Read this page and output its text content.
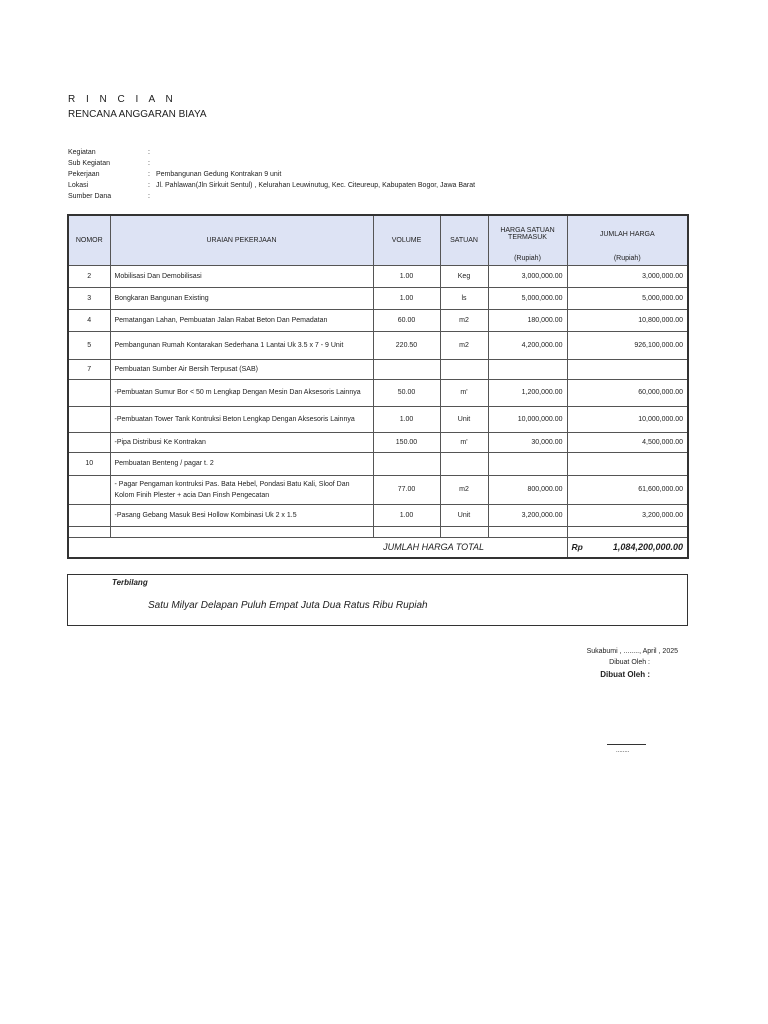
R I N C I A N
RENCANA ANGGARAN BIAYA
Kegiatan	:
Sub Kegiatan	:
Pekerjaan	: Pembangunan Gedung Kontrakan 9 unit
Lokasi	: Jl. Pahlawan(Jln Sirkuit Sentul) , Kelurahan Leuwinutug, Kec. Citeureup, Kabupaten Bogor, Jawa Barat
Sumber Dana	:
NOMOR	URAIAN PEKERJAAN	VOLUME	SATUAN	HARGA SATUAN TERMASUK	JUMLAH HARGA
				(Rupiah)	(Rupiah)
2	Mobilisasi Dan Demobilisasi	1.00	Keg	3,000,000.00	3,000,000.00
3	Bongkaran Bangunan Existing	1.00	ls	5,000,000.00	5,000,000.00
4	Pematangan Lahan, Pembuatan Jalan Rabat Beton Dan Pemadatan	60.00	m2	180,000.00	10,800,000.00
5	Pembangunan Rumah Kontarakan Sederhana 1 Lantai Uk 3.5 x 7 - 9 Unit	220.50	m2	4,200,000.00	926,100,000.00
7	Pembuatan Sumber Air Bersih Terpusat (SAB)				
	-Pembuatan Sumur Bor < 50 m Lengkap Dengan Mesin Dan Aksesoris Lainnya	50.00	m'	1,200,000.00	60,000,000.00
	-Pembuatan Tower Tank Kontruksi Beton Lengkap Dengan Aksesoris Lainnya	1.00	Unit	10,000,000.00	10,000,000.00
	-Pipa Distribusi Ke Kontrakan	150.00	m'	30,000.00	4,500,000.00
10	Pembuatan Benteng / pagar t. 2				
	- Pagar Pengaman kontruksi Pas. Bata Hebel, Pondasi Batu Kali, Sloof Dan Kolom Finih Plester + acia Dan Finsh Pengecatan	77.00	m2	800,000.00	61,600,000.00
	-Pasang Gebang Masuk Besi Hollow Kombinasi Uk 2 x 1.5	1.00	Unit	3,200,000.00	3,200,000.00

JUMLAH HARGA TOTAL					Rp 1,084,200,000.00
Terbilang
Satu Milyar Delapan Puluh Empat Juta Dua Ratus Ribu Rupiah
Sukabumi , ........, April , 2025
Dibuat Oleh :
Dibuat Oleh :
........
